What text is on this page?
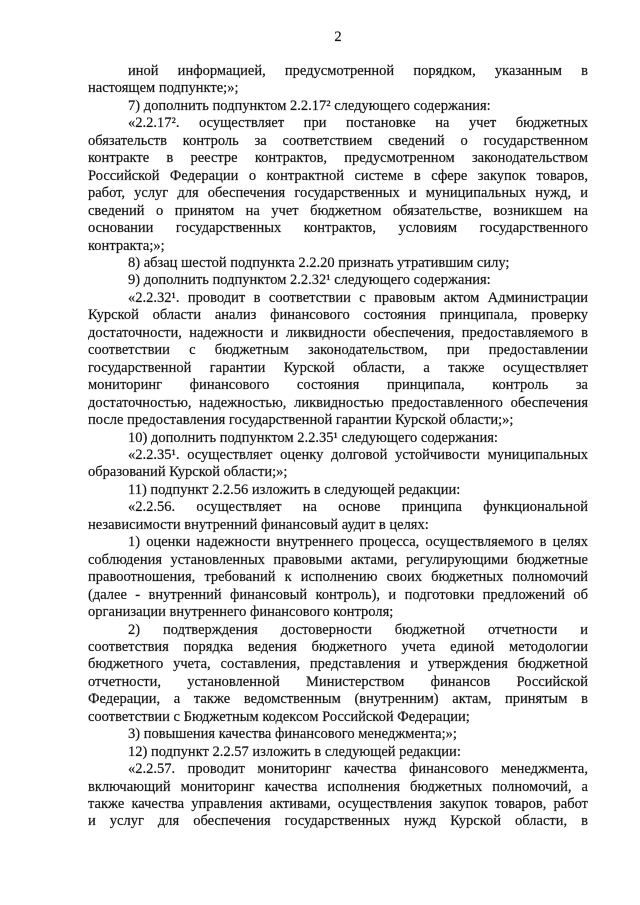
2
иной информацией, предусмотренной порядком, указанным в
настоящем подпункте;»;
7) дополнить подпунктом 2.2.17² следующего содержания:
«2.2.17². осуществляет при постановке на учет бюджетных
обязательств контроль за соответствием сведений о государственном
контракте в реестре контрактов, предусмотренном законодательством
Российской Федерации о контрактной системе в сфере закупок товаров,
работ, услуг для обеспечения государственных и муниципальных нужд, и
сведений о принятом на учет бюджетном обязательстве, возникшем на
основании государственных контрактов, условиям государственного
контракта;»;
8) абзац шестой подпункта 2.2.20 признать утратившим силу;
9) дополнить подпунктом 2.2.32¹ следующего содержания:
«2.2.32¹. проводит в соответствии с правовым актом Администрации
Курской области анализ финансового состояния принципала, проверку
достаточности, надежности и ликвидности обеспечения, предоставляемого в
соответствии с бюджетным законодательством, при предоставлении
государственной гарантии Курской области, а также осуществляет
мониторинг финансового состояния принципала, контроль за
достаточностью, надежностью, ликвидностью предоставленного обеспечения
после предоставления государственной гарантии Курской области;»;
10) дополнить подпунктом 2.2.35¹ следующего содержания:
«2.2.35¹. осуществляет оценку долговой устойчивости муниципальных
образований Курской области;»;
11) подпункт 2.2.56 изложить в следующей редакции:
«2.2.56. осуществляет на основе принципа функциональной
независимости внутренний финансовый аудит в целях:
1) оценки надежности внутреннего процесса, осуществляемого в целях
соблюдения установленных правовыми актами, регулирующими бюджетные
правоотношения, требований к исполнению своих бюджетных полномочий
(далее - внутренний финансовый контроль), и подготовки предложений об
организации внутреннего финансового контроля;
2) подтверждения достоверности бюджетной отчетности и
соответствия порядка ведения бюджетного учета единой методологии
бюджетного учета, составления, представления и утверждения бюджетной
отчетности, установленной Министерством финансов Российской
Федерации, а также ведомственным (внутренним) актам, принятым в
соответствии с Бюджетным кодексом Российской Федерации;
3) повышения качества финансового менеджмента;»;
12) подпункт 2.2.57 изложить в следующей редакции:
«2.2.57. проводит мониторинг качества финансового менеджмента,
включающий мониторинг качества исполнения бюджетных полномочий, а
также качества управления активами, осуществления закупок товаров, работ
и услуг для обеспечения государственных нужд Курской области, в
